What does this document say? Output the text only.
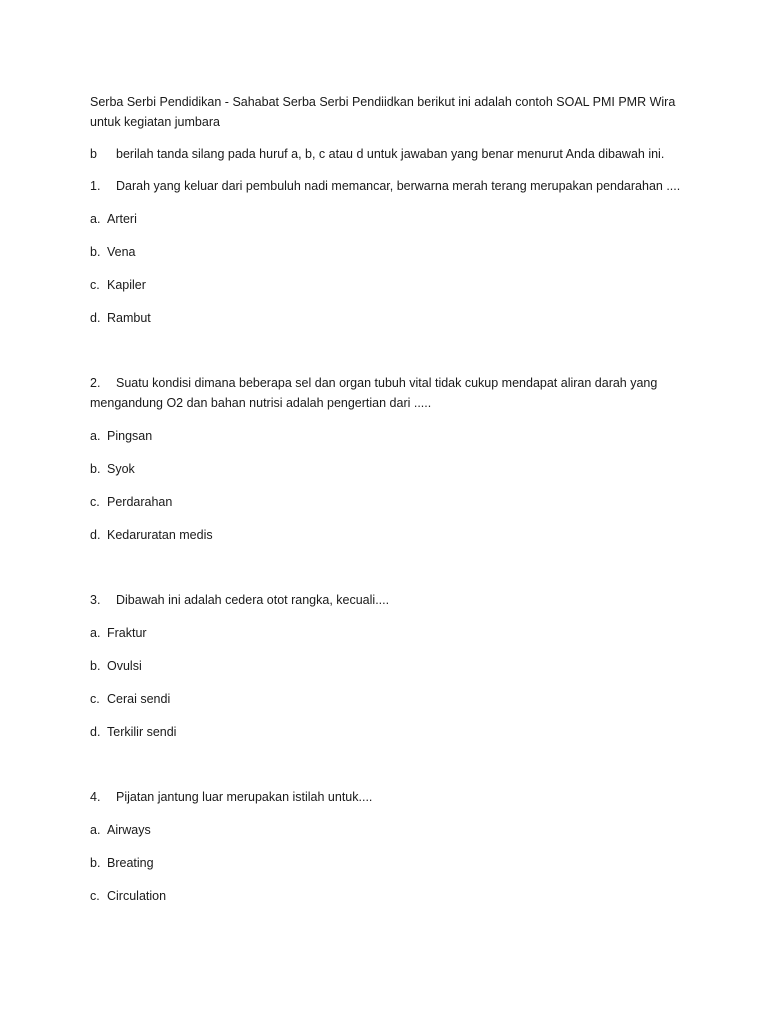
Serba Serbi Pendidikan - Sahabat Serba Serbi Pendiidkan berikut ini adalah contoh SOAL PMI PMR Wira untuk kegiatan jumbara

b	berilah tanda silang pada huruf a, b, c atau d untuk jawaban yang benar menurut Anda dibawah ini.

1. Darah yang keluar dari pembuluh nadi memancar, berwarna merah terang merupakan pendarahan ....

a. Arteri
b. Vena
c. Kapiler
d. Rambut

2. Suatu kondisi dimana beberapa sel dan organ tubuh vital tidak cukup mendapat aliran darah yang mengandung O2 dan bahan nutrisi adalah pengertian dari .....

a. Pingsan
b. Syok
c. Perdarahan
d. Kedaruratan medis

3. Dibawah ini adalah cedera otot rangka, kecuali....

a. Fraktur
b. Ovulsi
c. Cerai sendi
d. Terkilir sendi

4. Pijatan jantung luar merupakan istilah untuk....

a. Airways
b. Breating
c. Circulation
